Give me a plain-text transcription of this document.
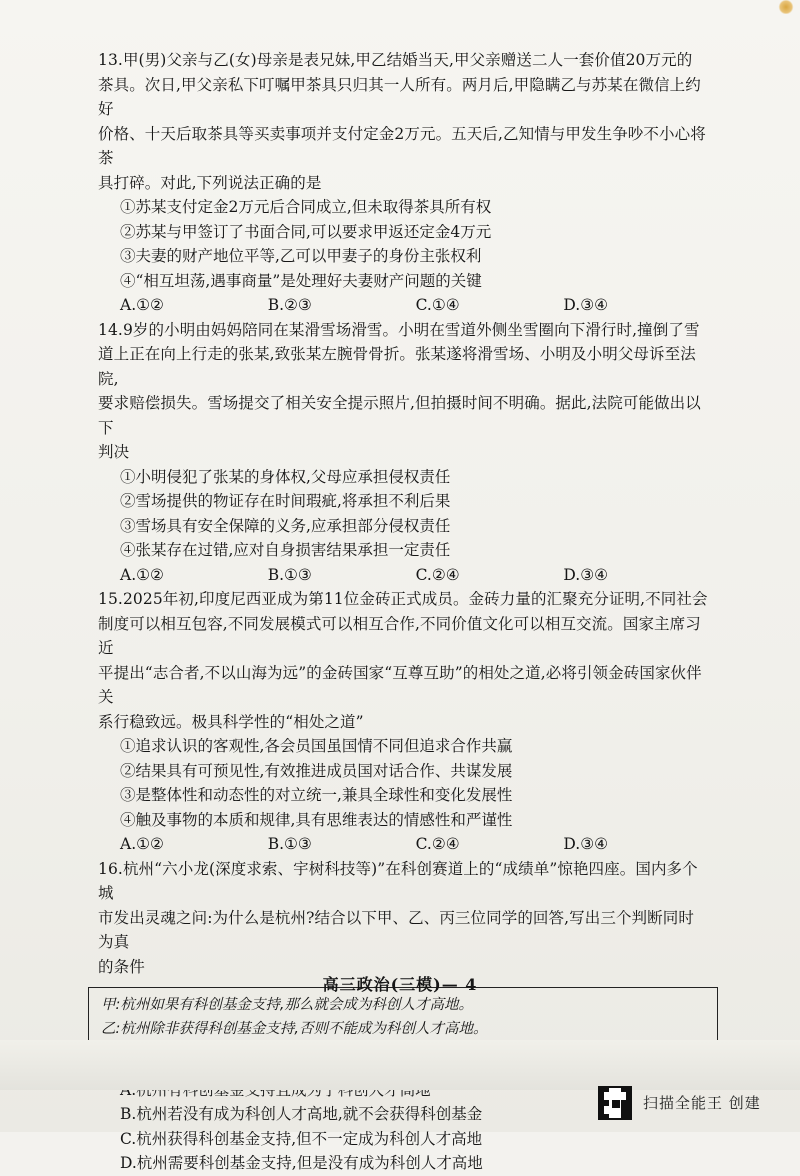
13.甲(男)父亲与乙(女)母亲是表兄妹,甲乙结婚当天,甲父亲赠送二人一套价值20万元的

茶具。次日,甲父亲私下叮嘱甲茶具只归其一人所有。两月后,甲隐瞒乙与苏某在微信上约好

价格、十天后取茶具等买卖事项并支付定金2万元。五天后,乙知情与甲发生争吵不小心将茶

具打碎。对此,下列说法正确的是

①苏某支付定金2万元后合同成立,但未取得茶具所有权
②苏某与甲签订了书面合同,可以要求甲返还定金4万元
③夫妻的财产地位平等,乙可以甲妻子的身份主张权利
④“相互坦荡,遇事商量”是处理好夫妻财产问题的关键
A.①②	B.②③	C.①④	D.③④

14.9岁的小明由妈妈陪同在某滑雪场滑雪。小明在雪道外侧坐雪圈向下滑行时,撞倒了雪

道上正在向上行走的张某,致张某左腕骨骨折。张某遂将滑雪场、小明及小明父母诉至法院,

要求赔偿损失。雪场提交了相关安全提示照片,但拍摄时间不明确。据此,法院可能做出以下

判决

①小明侵犯了张某的身体权,父母应承担侵权责任
②雪场提供的物证存在时间瑕疵,将承担不利后果
③雪场具有安全保障的义务,应承担部分侵权责任
④张某存在过错,应对自身损害结果承担一定责任
A.①②	B.①③	C.②④	D.③④

15.2025年初,印度尼西亚成为第11位金砖正式成员。金砖力量的汇聚充分证明,不同社会

制度可以相互包容,不同发展模式可以相互合作,不同价值文化可以相互交流。国家主席习近

平提出“志合者,不以山海为远”的金砖国家“互尊互助”的相处之道,必将引领金砖国家伙伴关

系行稳致远。极具科学性的“相处之道”

①追求认识的客观性,各会员国虽国情不同但追求合作共赢
②结果具有可预见性,有效推进成员国对话合作、共谋发展
③是整体性和动态性的对立统一,兼具全球性和变化发展性
④触及事物的本质和规律,具有思维表达的情感性和严谨性
A.①②	B.①③	C.②④	D.③④

16.杭州“六小龙(深度求索、宇树科技等)”在科创赛道上的“成绩单”惊艳四座。国内多个城

市发出灵魂之问:为什么是杭州?结合以下甲、乙、丙三位同学的回答,写出三个判断同时为真

的条件

甲:杭州如果有科创基金支持,那么就会成为科创人才高地。
乙:杭州除非获得科创基金支持,否则不能成为科创人才高地。
B.杭州若没有成为科创人才高地,就不会获得科创基金
C.杭州获得科创基金支持,但不一定成为科创人才高地
D.杭州需要科创基金支持,但是没有成为科创人才高地
高三政治(三模)— 4
扫描全能王 创建
